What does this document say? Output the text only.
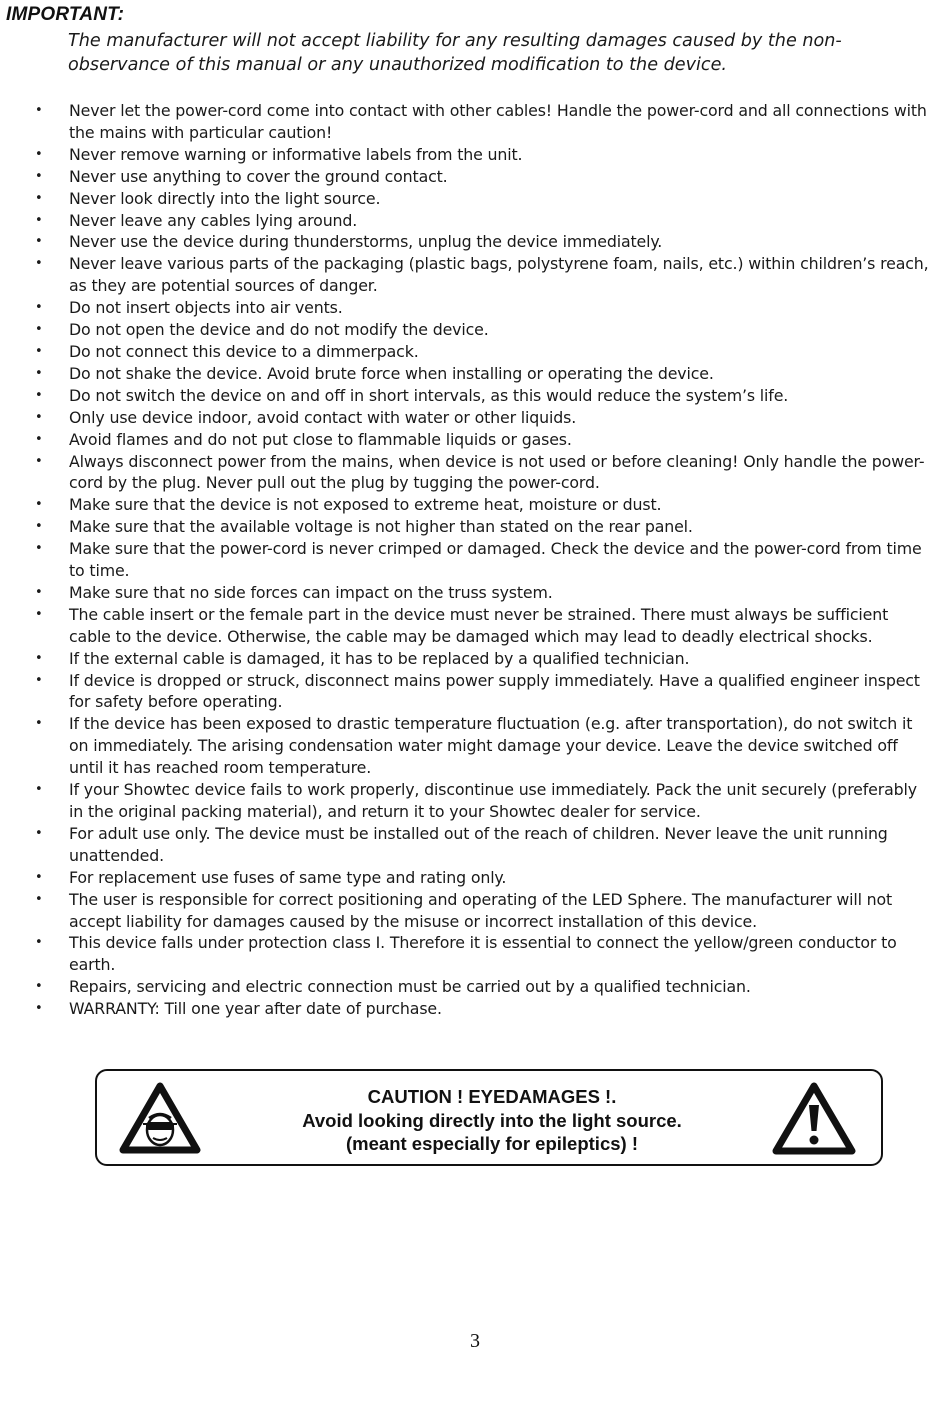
IMPORTANT:
The manufacturer will not accept liability for any resulting damages caused by the non-observance of this manual or any unauthorized modification to the device.
• Never let the power-cord come into contact with other cables! Handle the power-cord and all connections with the mains with particular caution!
• Never remove warning or informative labels from the unit.
• Never use anything to cover the ground contact.
• Never look directly into the light source.
• Never leave any cables lying around.
• Never use the device during thunderstorms, unplug the device immediately.
• Never leave various parts of the packaging (plastic bags, polystyrene foam, nails, etc.) within children’s reach, as they are potential sources of danger.
• Do not insert objects into air vents.
• Do not open the device and do not modify the device.
• Do not connect this device to a dimmerpack.
• Do not shake the device. Avoid brute force when installing or operating the device.
• Do not switch the device on and off in short intervals, as this would reduce the system’s life.
• Only use device indoor, avoid contact with water or other liquids.
• Avoid flames and do not put close to flammable liquids or gases.
• Always disconnect power from the mains, when device is not used or before cleaning! Only handle the power-cord by the plug. Never pull out the plug by tugging the power-cord.
• Make sure that the device is not exposed to extreme heat, moisture or dust.
• Make sure that the available voltage is not higher than stated on the rear panel.
• Make sure that the power-cord is never crimped or damaged. Check the device and the power-cord from time to time.
• Make sure that no side forces can impact on the truss system.
• The cable insert or the female part in the device must never be strained. There must always be sufficient cable to the device. Otherwise, the cable may be damaged which may lead to deadly electrical shocks.
• If the external cable is damaged, it has to be replaced by a qualified technician.
• If device is dropped or struck, disconnect mains power supply immediately. Have a qualified engineer inspect for safety before operating.
• If the device has been exposed to drastic temperature fluctuation (e.g. after transportation), do not switch it on immediately. The arising condensation water might damage your device. Leave the device switched off until it has reached room temperature.
• If your Showtec device fails to work properly, discontinue use immediately. Pack the unit securely (preferably in the original packing material), and return it to your Showtec dealer for service.
• For adult use only. The device must be installed out of the reach of children. Never leave the unit running unattended.
• For replacement use fuses of same type and rating only.
• The user is responsible for correct positioning and operating of the LED Sphere. The manufacturer will not accept liability for damages caused by the misuse or incorrect installation of this device.
• This device falls under protection class I. Therefore it is essential to connect the yellow/green conductor to earth.
• Repairs, servicing and electric connection must be carried out by a qualified technician.
• WARRANTY: Till one year after date of purchase.
CAUTION ! EYEDAMAGES !.
Avoid looking directly into the light source.
(meant especially for epileptics) !
3
